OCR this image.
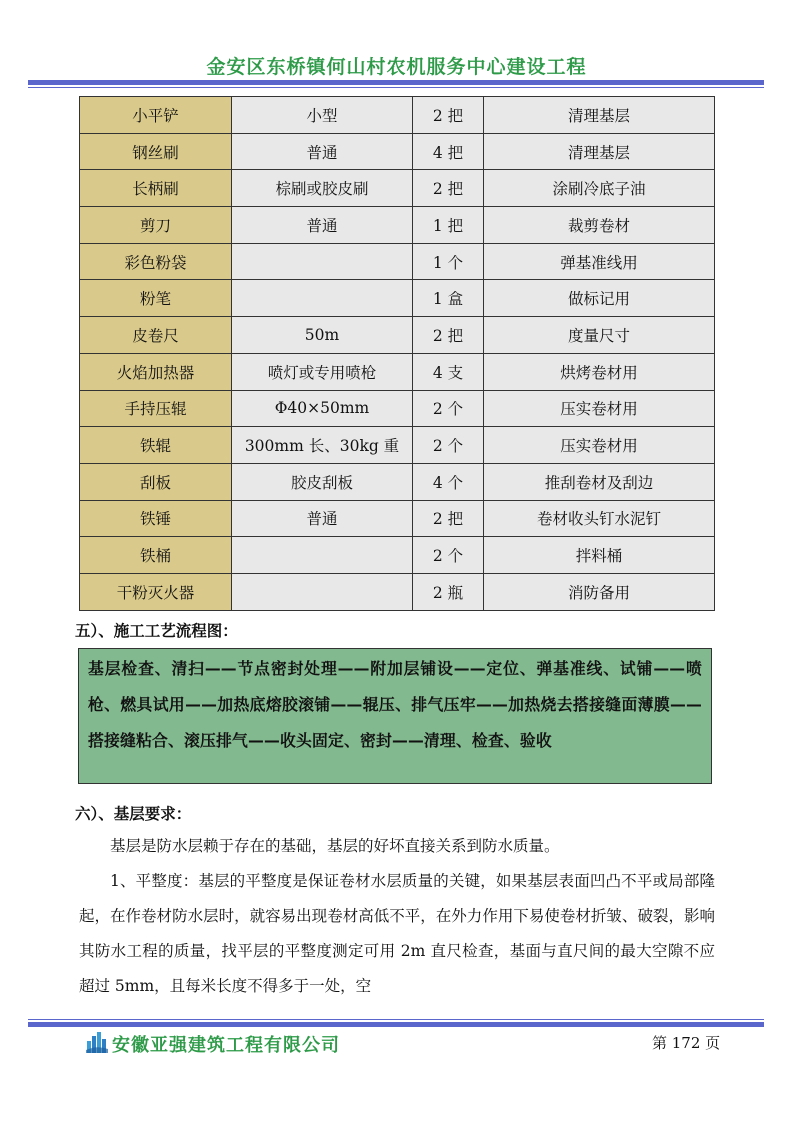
金安区东桥镇何山村农机服务中心建设工程
小平铲	小型	2 把	清理基层
钢丝刷	普通	4 把	清理基层
长柄刷	棕刷或胶皮刷	2 把	涂刷冷底子油
剪刀	普通	1 把	裁剪卷材
彩色粉袋		1 个	弹基准线用
粉笔		1 盒	做标记用
皮卷尺	50m	2 把	度量尺寸
火焰加热器	喷灯或专用喷枪	4 支	烘烤卷材用
手持压辊	Φ40×50mm	2 个	压实卷材用
铁辊	300mm 长、30kg 重	2 个	压实卷材用
刮板	胶皮刮板	4 个	推刮卷材及刮边
铁锤	普通	2 把	卷材收头钉水泥钉
铁桶		2 个	拌料桶
干粉灭火器		2 瓶	消防备用
五）、施工工艺流程图：
基层检查、清扫——节点密封处理——附加层铺设——定位、弹基准线、试铺——喷枪、燃具试用——加热底熔胶滚铺——辊压、排气压牢——加热烧去搭接缝面薄膜——搭接缝粘合、滚压排气——收头固定、密封——清理、检查、验收
六）、基层要求：
基层是防水层赖于存在的基础，基层的好坏直接关系到防水质量。
1、平整度：基层的平整度是保证卷材水层质量的关键，如果基层表面凹凸不平或局部隆起，在作卷材防水层时，就容易出现卷材高低不平，在外力作用下易使卷材折皱、破裂，影响其防水工程的质量，找平层的平整度测定可用 2m 直尺检查，基面与直尺间的最大空隙不应超过 5mm，且每米长度不得多于一处，空
安徽亚强建筑工程有限公司	第 172 页
